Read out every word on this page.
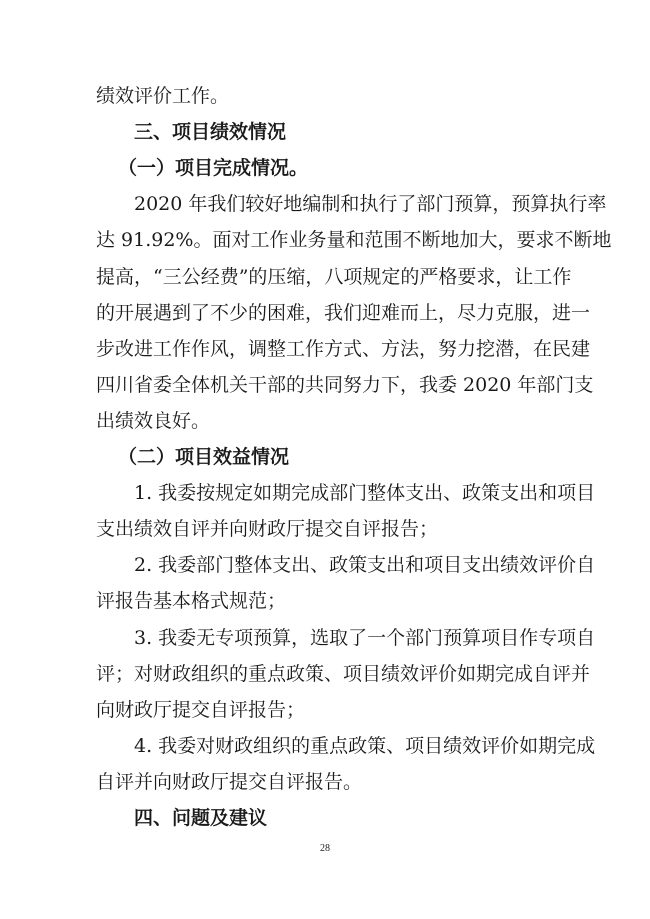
绩效评价工作。
三、项目绩效情况
（一）项目完成情况。
2020 年我们较好地编制和执行了部门预算，预算执行率
达 91.92%。面对工作业务量和范围不断地加大，要求不断地
提高，“三公经费”的压缩，八项规定的严格要求，让工作
的开展遇到了不少的困难，我们迎难而上，尽力克服，进一
步改进工作作风，调整工作方式、方法，努力挖潜，在民建
四川省委全体机关干部的共同努力下，我委 2020 年部门支
出绩效良好。
（二）项目效益情况
1. 我委按规定如期完成部门整体支出、政策支出和项目
支出绩效自评并向财政厅提交自评报告；
2. 我委部门整体支出、政策支出和项目支出绩效评价自
评报告基本格式规范；
3. 我委无专项预算，选取了一个部门预算项目作专项自
评；对财政组织的重点政策、项目绩效评价如期完成自评并
向财政厅提交自评报告；
4. 我委对财政组织的重点政策、项目绩效评价如期完成
自评并向财政厅提交自评报告。
四、问题及建议
28
